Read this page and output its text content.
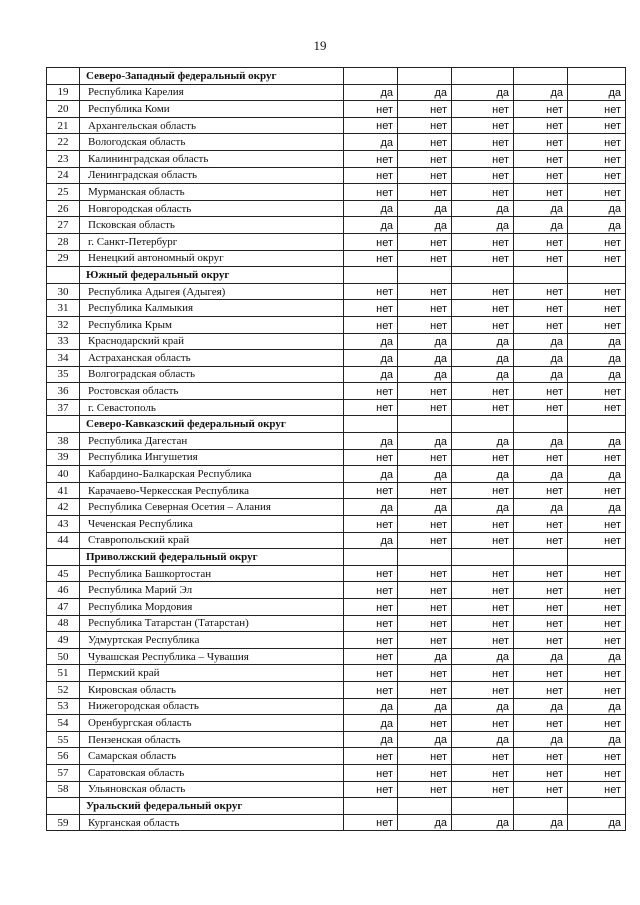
19
	Северо-Западный федеральный округ					
19	Республика Карелия	да	да	да	да	да
20	Республика Коми	нет	нет	нет	нет	нет
21	Архангельская область	нет	нет	нет	нет	нет
22	Вологодская область	да	нет	нет	нет	нет
23	Калининградская область	нет	нет	нет	нет	нет
24	Ленинградская область	нет	нет	нет	нет	нет
25	Мурманская область	нет	нет	нет	нет	нет
26	Новгородская область	да	да	да	да	да
27	Псковская область	да	да	да	да	да
28	г. Санкт-Петербург	нет	нет	нет	нет	нет
29	Ненецкий автономный округ	нет	нет	нет	нет	нет
	Южный федеральный округ					
30	Республика Адыгея (Адыгея)	нет	нет	нет	нет	нет
31	Республика Калмыкия	нет	нет	нет	нет	нет
32	Республика Крым	нет	нет	нет	нет	нет
33	Краснодарский край	да	да	да	да	да
34	Астраханская область	да	да	да	да	да
35	Волгоградская область	да	да	да	да	да
36	Ростовская область	нет	нет	нет	нет	нет
37	г. Севастополь	нет	нет	нет	нет	нет
	Северо-Кавказский федеральный округ					
38	Республика Дагестан	да	да	да	да	да
39	Республика Ингушетия	нет	нет	нет	нет	нет
40	Кабардино-Балкарская Республика	да	да	да	да	да
41	Карачаево-Черкесская Республика	нет	нет	нет	нет	нет
42	Республика Северная Осетия – Алания	да	да	да	да	да
43	Чеченская Республика	нет	нет	нет	нет	нет
44	Ставропольский край	да	нет	нет	нет	нет
	Приволжский федеральный округ					
45	Республика Башкортостан	нет	нет	нет	нет	нет
46	Республика Марий Эл	нет	нет	нет	нет	нет
47	Республика Мордовия	нет	нет	нет	нет	нет
48	Республика Татарстан (Татарстан)	нет	нет	нет	нет	нет
49	Удмуртская Республика	нет	нет	нет	нет	нет
50	Чувашская Республика – Чувашия	нет	да	да	да	да
51	Пермский край	нет	нет	нет	нет	нет
52	Кировская область	нет	нет	нет	нет	нет
53	Нижегородская область	да	да	да	да	да
54	Оренбургская область	да	нет	нет	нет	нет
55	Пензенская область	да	да	да	да	да
56	Самарская область	нет	нет	нет	нет	нет
57	Саратовская область	нет	нет	нет	нет	нет
58	Ульяновская область	нет	нет	нет	нет	нет
	Уральский федеральный округ					
59	Курганская область	нет	да	да	да	да
